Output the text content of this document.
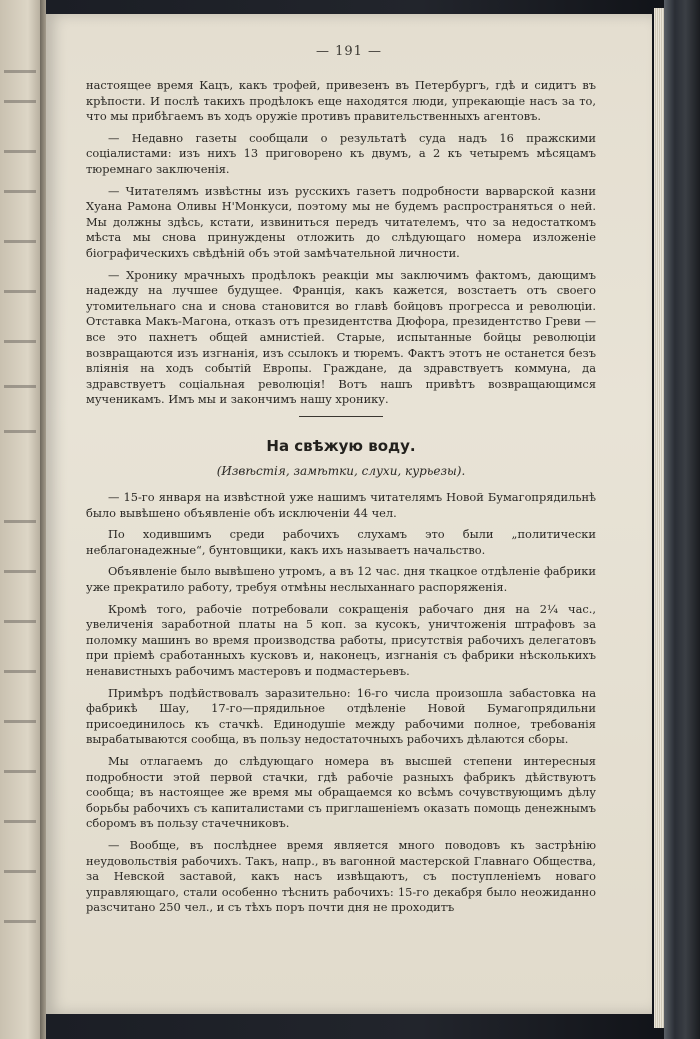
— 191 —

настоящее время Кацъ, какъ трофей, привезенъ въ Петербургъ, гдѣ и сидитъ въ крѣпости. И послѣ такихъ продѣлокъ еще находятся люди, упрекающіе насъ за то, что мы прибѣгаемъ въ ходъ оружіе противъ правительственныхъ агентовъ.

— Недавно газеты сообщали о результатѣ суда надъ 16 пражскими соціалистами: изъ нихъ 13 приговорено къ двумъ, а 2 къ четыремъ мѣсяцамъ тюремнаго заключенія.

— Читателямъ извѣстны изъ русскихъ газетъ подробности варварской казни Хуана Рамона Оливы Н'Монкуси, поэтому мы не будемъ распространяться о ней. Мы должны здѣсь, кстати, извиниться передъ читателемъ, что за недостаткомъ мѣста мы снова принуждены отложить до слѣдующаго номера изложеніе біографическихъ свѣдѣній объ этой замѣчательной личности.

— Хронику мрачныхъ продѣлокъ реакціи мы заключимъ фактомъ, дающимъ надежду на лучшее будущее. Франція, какъ кажется, возстаетъ отъ своего утомительнаго сна и снова становится во главѣ бойцовъ прогресса и революціи. Отставка Макъ-Магона, отказъ отъ президентства Дюфора, президентство Греви — все это пахнетъ общей амнистіей. Старые, испытанные бойцы революціи возвращаются изъ изгнанія, изъ ссылокъ и тюремъ. Фактъ этотъ не останется безъ вліянія на ходъ событій Европы. Граждане, да здравствуетъ коммуна, да здравствуетъ соціальная революція! Вотъ нашъ привѣтъ возвращающимся мученикамъ. Имъ мы и закончимъ нашу хронику.

На свѣжую воду.
(Извѣстія, замѣтки, слухи, курьезы).

— 15-го января на извѣстной уже нашимъ читателямъ Новой Бумагопрядильнѣ было вывѣшено объявленіе объ исключеніи 44 чел.

По ходившимъ среди рабочихъ слухамъ это были „политически неблагонадежные“, бунтовщики, какъ ихъ называетъ начальство.

Объявленіе было вывѣшено утромъ, а въ 12 час. дня ткацкое отдѣленіе фабрики уже прекратило работу, требуя отмѣны неслыханнаго распоряженія.

Кромѣ того, рабочіе потребовали сокращенія рабочаго дня на 2¼ час., увеличенія заработной платы на 5 коп. за кусокъ, уничтоженія штрафовъ за поломку машинъ во время производства работы, присутствія рабочихъ делегатовъ при пріемѣ сработанныхъ кусковъ и, наконецъ, изгнанія съ фабрики нѣсколькихъ ненавистныхъ рабочимъ мастеровъ и подмастерьевъ.

Примѣръ подѣйствовалъ заразительно: 16-го числа произошла забастовка на фабрикѣ Шау, 17-го—прядильное отдѣленіе Новой Бумагопрядильни присоединилось къ стачкѣ. Единодушіе между рабочими полное, требованія вырабатываются сообща, въ пользу недостаточныхъ рабочихъ дѣлаются сборы.

Мы отлагаемъ до слѣдующаго номера въ высшей степени интересныя подробности этой первой стачки, гдѣ рабочіе разныхъ фабрикъ дѣйствуютъ сообща; въ настоящее же время мы обращаемся ко всѣмъ сочувствующимъ дѣлу борьбы рабочихъ съ капиталистами съ приглашеніемъ оказать помощь денежнымъ сборомъ въ пользу стачечниковъ.

— Вообще, въ послѣднее время является много поводовъ къ застрѣнію неудовольствія рабочихъ. Такъ, напр., въ вагонной мастерской Главнаго Общества, за Невской заставой, какъ насъ извѣщаютъ, съ поступленіемъ новаго управляющаго, стали особенно тѣснить рабочихъ: 15-го декабря было неожиданно разсчитано 250 чел., и съ тѣхъ поръ почти дня не проходитъ
